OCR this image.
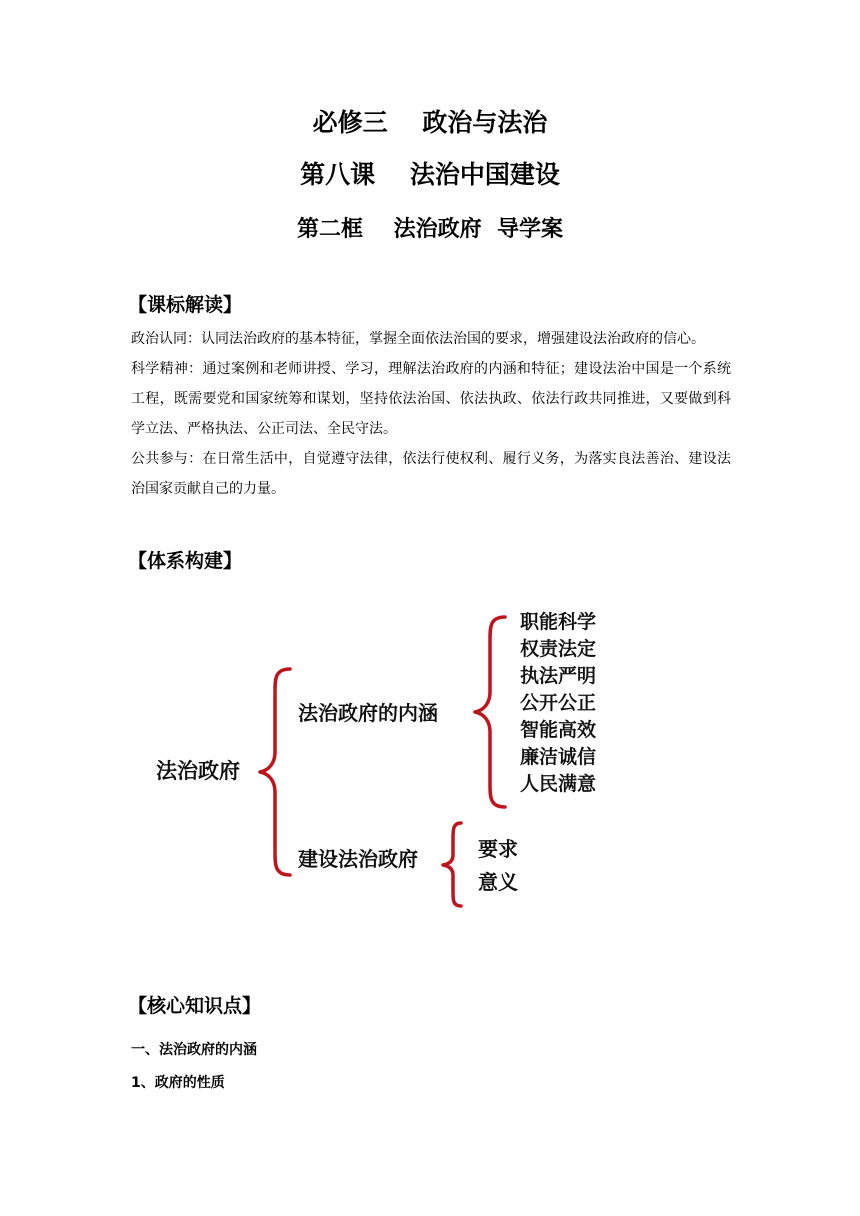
必修三    政治与法治
第八课    法治中国建设
第二框    法治政府  导学案
【课标解读】
政治认同：认同法治政府的基本特征，掌握全面依法治国的要求，增强建设法治政府的信心。
科学精神：通过案例和老师讲授、学习，理解法治政府的内涵和特征；建设法治中国是一个系统工程，既需要党和国家统筹和谋划，坚持依法治国、依法执政、依法行政共同推进，又要做到科学立法、严格执法、公正司法、全民守法。
公共参与：在日常生活中，自觉遵守法律，依法行使权利、履行义务，为落实良法善治、建设法治国家贡献自己的力量。
【体系构建】
法治政府
法治政府的内涵
职能科学
权责法定
执法严明
公开公正
智能高效
廉洁诚信
人民满意
建设法治政府	要求
意义
【核心知识点】
一、法治政府的内涵
1、政府的性质
